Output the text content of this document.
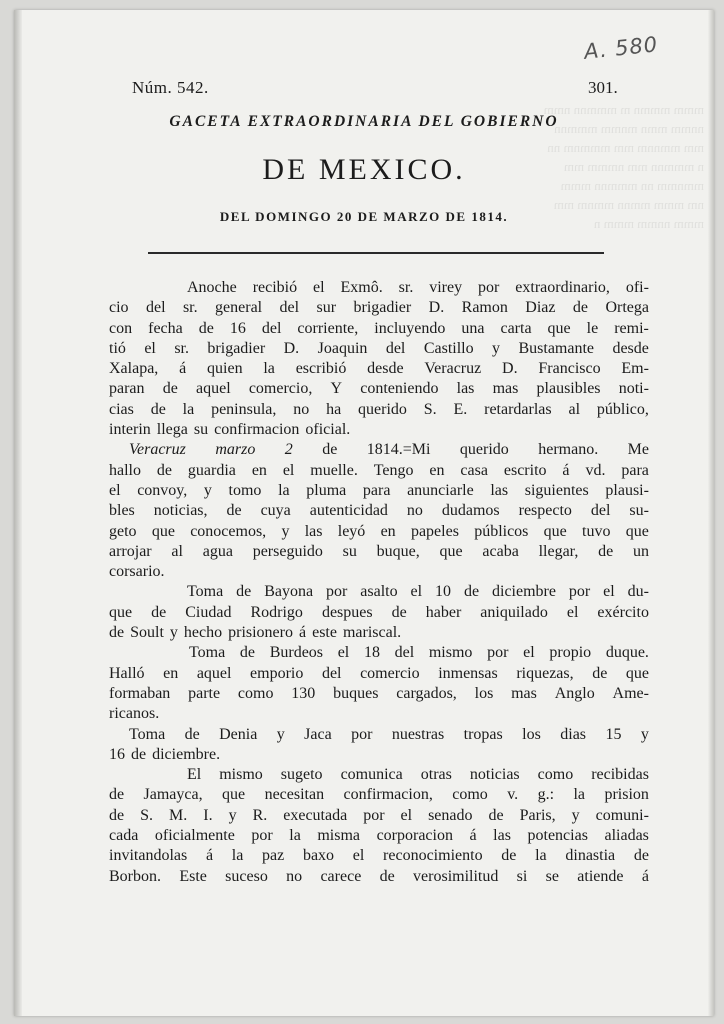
mmm mmmn m mmmnn nmm
nnmm mmn mnmm mmmnn
mm mmnnm mm mmmnm nn
n mmmnn mm nmmm mm
mmnmm nn mmmnn mmm
nm mmm mmnn mmnm mm
mmm nnmm mmm n
A. 580
Núm. 542.	301.
GACETA EXTRAORDINARIA DEL GOBIERNO
DE MEXICO.
DEL DOMINGO 20 DE MARZO DE 1814.
Anoche recibió el Exmô. sr. virey por extraordinario, ofi-
cio del sr. general del sur brigadier D. Ramon Diaz de Ortega
con fecha de 16 del corriente, incluyendo una carta que le remi-
tió el sr. brigadier D. Joaquin del Castillo y Bustamante desde
Xalapa, á quien la escribió desde Veracruz D. Francisco Em-
paran de aquel comercio, Y conteniendo las mas plausibles noti-
cias de la peninsula, no ha querido S. E. retardarlas al público,
interin llega su confirmacion oficial.
Veracruz marzo 2 de 1814.=Mi querido hermano. Me
hallo de guardia en el muelle. Tengo en casa escrito á vd. para
el convoy, y tomo la pluma para anunciarle las siguientes plausi-
bles noticias, de cuya autenticidad no dudamos respecto del su-
geto que conocemos, y las leyó en papeles públicos que tuvo que
arrojar al agua perseguido su buque, que acaba llegar, de un
corsario.
Toma de Bayona por asalto el 10 de diciembre por el du-
que de Ciudad Rodrigo despues de haber aniquilado el exército
de Soult y hecho prisionero á este mariscal.
Toma de Burdeos el 18 del mismo por el propio duque.
Halló en aquel emporio del comercio inmensas riquezas, de que
formaban parte como 130 buques cargados, los mas Anglo Ame-
ricanos.
Toma de Denia y Jaca por nuestras tropas los dias 15 y
16 de diciembre.
El mismo sugeto comunica otras noticias como recibidas
de Jamayca, que necesitan confirmacion, como v. g.: la prision
de S. M. I. y R. executada por el senado de Paris, y comuni-
cada oficialmente por la misma corporacion á las potencias aliadas
invitandolas á la paz baxo el reconocimiento de la dinastia de
Borbon. Este suceso no carece de verosimilitud si se atiende á
